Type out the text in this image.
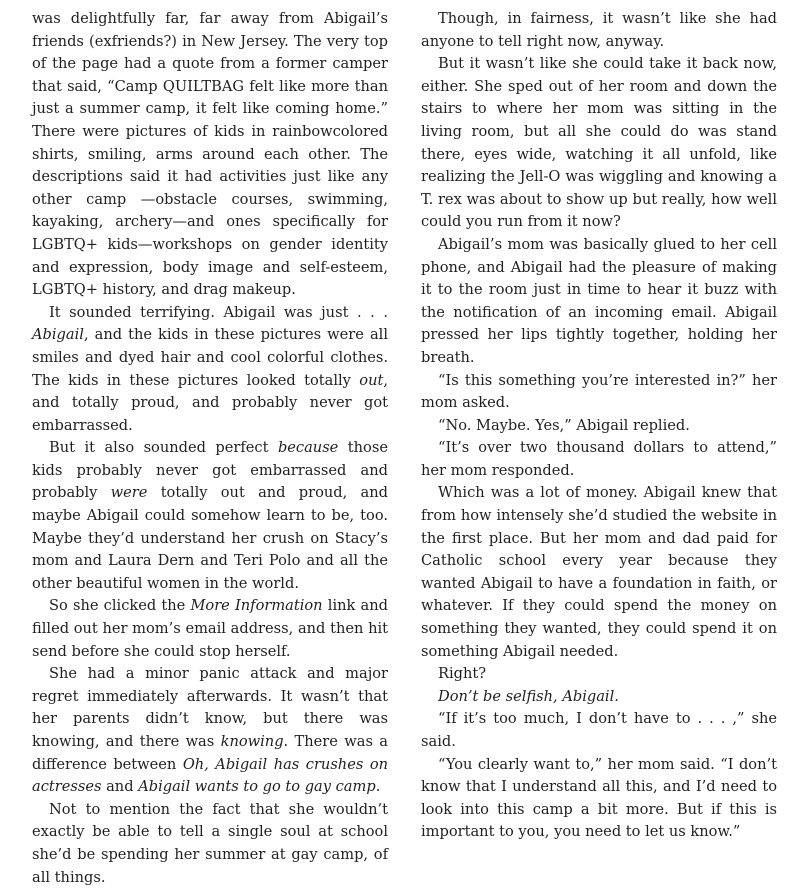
was delightfully far, far away from Abigail’s friends (exfriends?) in New Jersey. The very top of the page had a quote from a former camper that said, “Camp QUILTBAG felt like more than just a summer camp, it felt like coming home.” There were pictures of kids in rainbowcolored shirts, smiling, arms around each other. The descriptions said it had activities just like any other camp —obstacle courses, swimming, kayaking, archery—and ones specifically for LGBTQ+ kids—workshops on gender identity and expression, body image and self-esteem, LGBTQ+ history, and drag makeup.

It sounded terrifying. Abigail was just . . . Abigail, and the kids in these pictures were all smiles and dyed hair and cool colorful clothes. The kids in these pictures looked totally out, and totally proud, and probably never got embarrassed.

But it also sounded perfect because those kids probably never got embarrassed and probably were totally out and proud, and maybe Abigail could somehow learn to be, too. Maybe they’d understand her crush on Stacy’s mom and Laura Dern and Teri Polo and all the other beautiful women in the world.

So she clicked the More Information link and filled out her mom’s email address, and then hit send before she could stop herself.

She had a minor panic attack and major regret immediately afterwards. It wasn’t that her parents didn’t know, but there was knowing, and there was knowing. There was a difference between Oh, Abigail has crushes on actresses and Abigail wants to go to gay camp.

Not to mention the fact that she wouldn’t exactly be able to tell a single soul at school she’d be spending her summer at gay camp, of all things.

Though, in fairness, it wasn’t like she had anyone to tell right now, anyway.

But it wasn’t like she could take it back now, either. She sped out of her room and down the stairs to where her mom was sitting in the living room, but all she could do was stand there, eyes wide, watching it all unfold, like realizing the Jell-O was wiggling and knowing a T. rex was about to show up but really, how well could you run from it now?

Abigail’s mom was basically glued to her cell phone, and Abigail had the pleasure of making it to the room just in time to hear it buzz with the notification of an incoming email. Abigail pressed her lips tightly together, holding her breath.

“Is this something you’re interested in?” her mom asked.

“No. Maybe. Yes,” Abigail replied.

“It’s over two thousand dollars to attend,” her mom responded.

Which was a lot of money. Abigail knew that from how intensely she’d studied the website in the first place. But her mom and dad paid for Catholic school every year because they wanted Abigail to have a foundation in faith, or whatever. If they could spend the money on something they wanted, they could spend it on something Abigail needed.

Right?

Don’t be selfish, Abigail.

“If it’s too much, I don’t have to . . . ,” she said.

“You clearly want to,” her mom said. “I don’t know that I understand all this, and I’d need to look into this camp a bit more. But if this is important to you, you need to let us know.”
